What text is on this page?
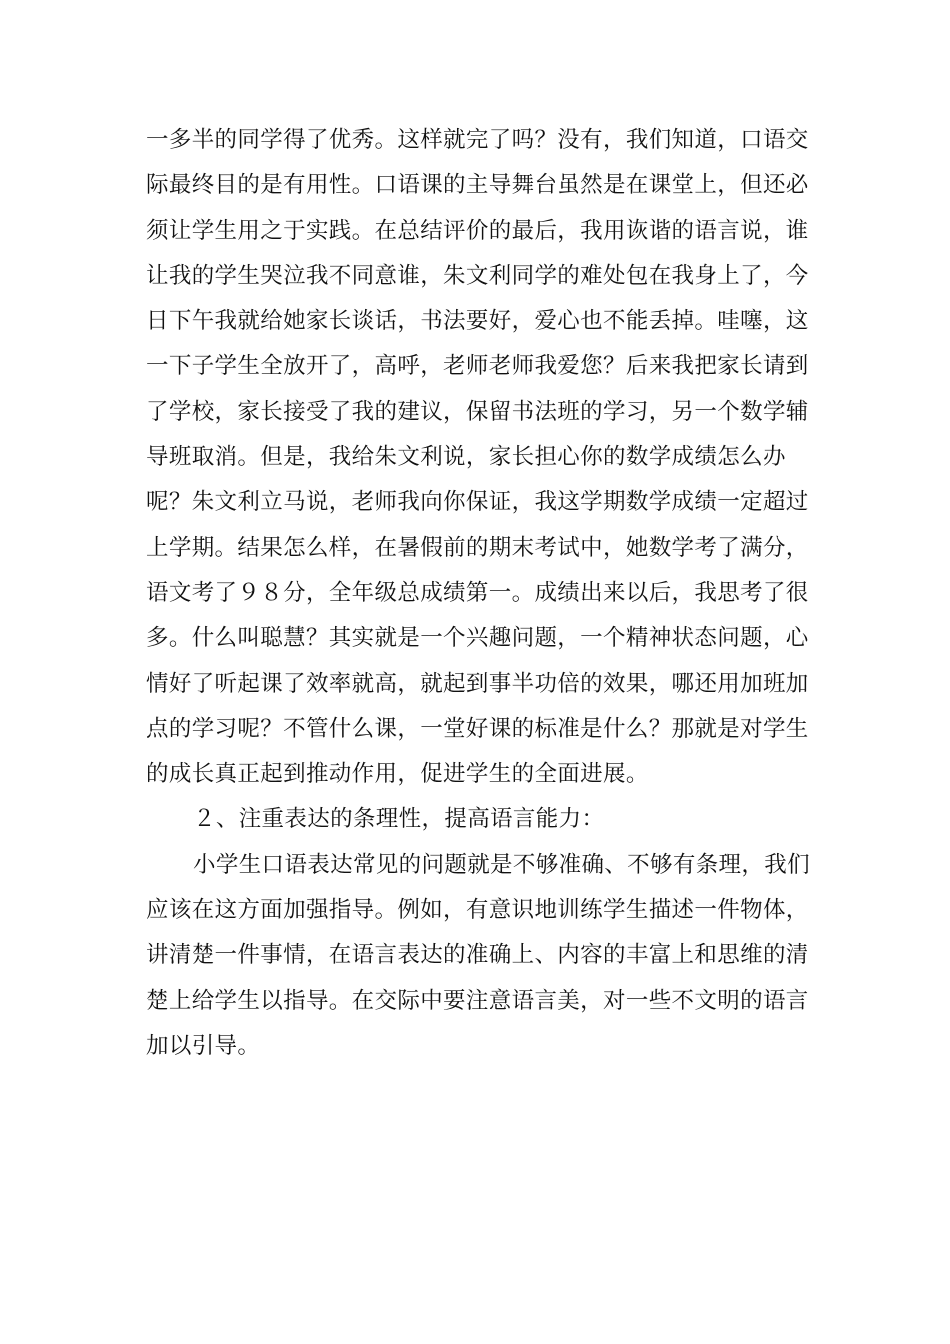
一多半的同学得了优秀。这样就完了吗？没有，我们知道，口语交
际最终目的是有用性。口语课的主导舞台虽然是在课堂上，但还必
须让学生用之于实践。在总结评价的最后，我用诙谐的语言说，谁
让我的学生哭泣我不同意谁，朱文利同学的难处包在我身上了，今
日下午我就给她家长谈话，书法要好，爱心也不能丢掉。哇噻，这
一下子学生全放开了，高呼，老师老师我爱您？后来我把家长请到
了学校，家长接受了我的建议，保留书法班的学习，另一个数学辅
导班取消。但是，我给朱文利说，家长担心你的数学成绩怎么办
呢？朱文利立马说，老师我向你保证，我这学期数学成绩一定超过
上学期。结果怎么样，在暑假前的期末考试中，她数学考了满分，
语文考了９８分，全年级总成绩第一。成绩出来以后，我思考了很
多。什么叫聪慧？其实就是一个兴趣问题，一个精神状态问题，心
情好了听起课了效率就高，就起到事半功倍的效果，哪还用加班加
点的学习呢？不管什么课，一堂好课的标准是什么？那就是对学生
的成长真正起到推动作用，促进学生的全面进展。
２、注重表达的条理性，提高语言能力：
小学生口语表达常见的问题就是不够准确、不够有条理，我们
应该在这方面加强指导。例如，有意识地训练学生描述一件物体，
讲清楚一件事情，在语言表达的准确上、内容的丰富上和思维的清
楚上给学生以指导。在交际中要注意语言美，对一些不文明的语言
加以引导。
